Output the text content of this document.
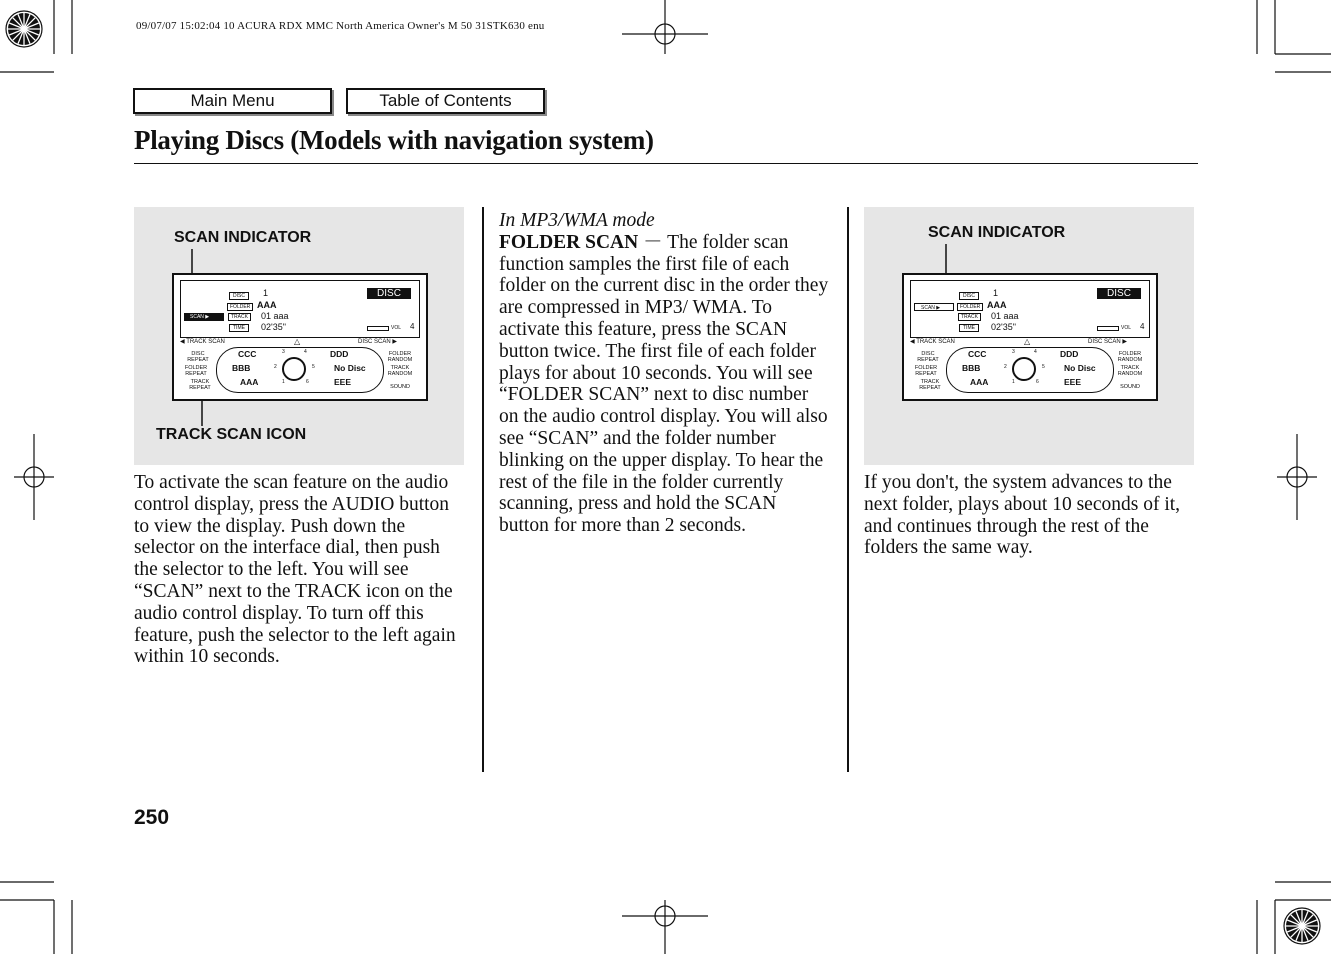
09/07/07 15:02:04 10 ACURA RDX MMC North America Owner's M 50 31STK630 enu
Main Menu	Table of Contents
Playing Discs (Models with navigation system)
SCAN INDICATOR
TRACK SCAN ICON
DISC	1
FOLDER AAA
SCAN ▶	TRACK	01 aaa
TIME	02'35"
DISC
VOL 4
◀ TRACK SCAN	△	DISC SCAN ▶
DISC REPEAT
FOLDER REPEAT
TRACK REPEAT
FOLDER RANDOM
TRACK RANDOM
SOUND
CCC
BBB
AAA
DDD
No Disc
EEE
3
2
1
4
5
6
SCAN INDICATOR
DISC	1
SCAN ▶	FOLDER AAA
TRACK	01 aaa
TIME	02'35"
DISC
VOL 4
◀ TRACK SCAN	△	DISC SCAN ▶
DISC REPEAT
FOLDER REPEAT
TRACK REPEAT
FOLDER RANDOM
TRACK RANDOM
SOUND
CCC
BBB
AAA
DDD
No Disc
EEE
3
2
1
4
5
6
To activate the scan feature on the audio control display, press the AUDIO button to view the display. Push down the selector on the interface dial, then push the selector to the left. You will see “SCAN” next to the TRACK icon on the audio control display. To turn off this feature, push the selector to the left again within 10 seconds.
In MP3/WMA mode
FOLDER SCAN － The folder scan function samples the first file of each folder on the current disc in the order they are compressed in MP3/ WMA. To activate this feature, press the SCAN button twice. The first file of each folder plays for about 10 seconds. You will see “FOLDER SCAN” next to disc number on the audio control display. You will also see “SCAN” and the folder number blinking on the upper display. To hear the rest of the file in the folder currently scanning, press and hold the SCAN button for more than 2 seconds.
If you don't, the system advances to the next folder, plays about 10 seconds of it, and continues through the rest of the folders the same way.
250
